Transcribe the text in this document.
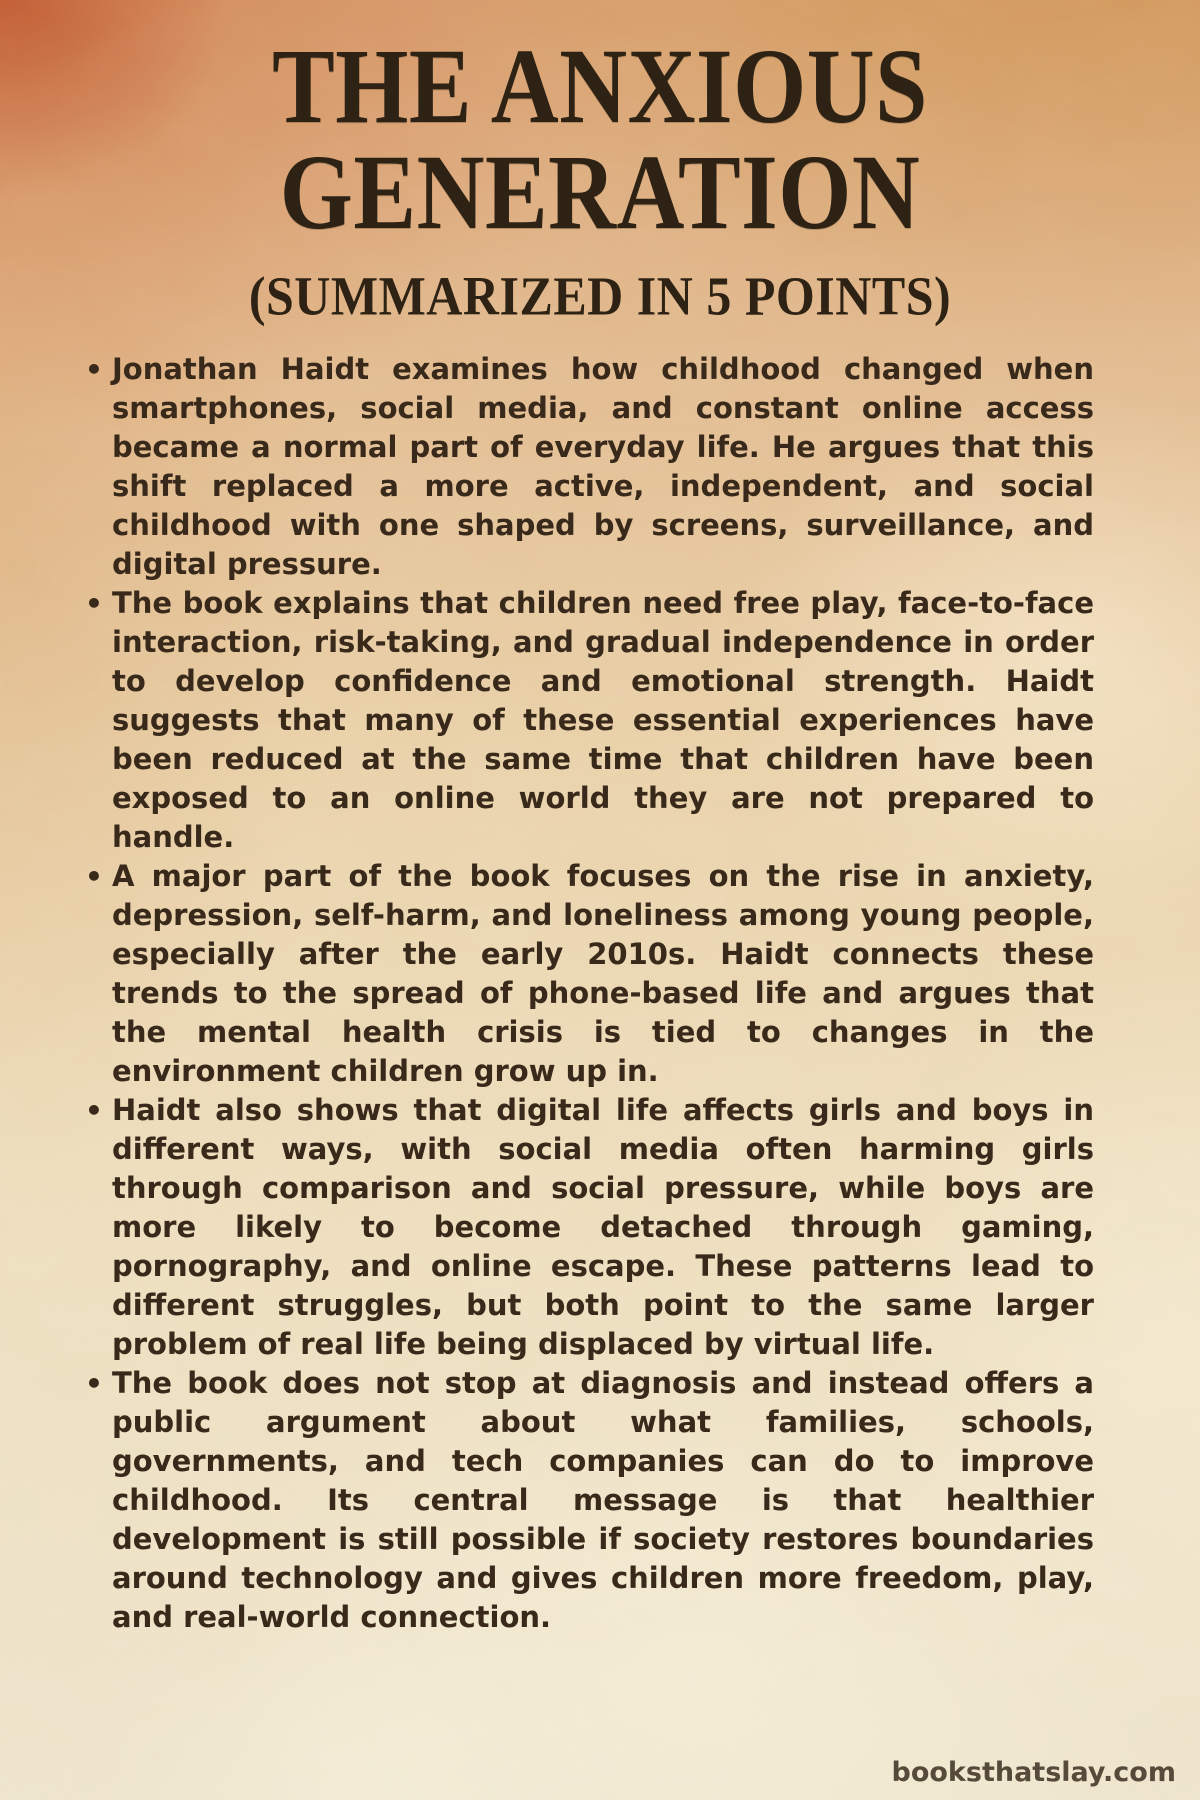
THE ANXIOUS GENERATION
(SUMMARIZED IN 5 POINTS)
• Jonathan Haidt examines how childhood changed when smartphones, social media, and constant online access became a normal part of everyday life. He argues that this shift replaced a more active, independent, and social childhood with one shaped by screens, surveillance, and digital pressure.
• The book explains that children need free play, face-to-face interaction, risk-taking, and gradual independence in order to develop confidence and emotional strength. Haidt suggests that many of these essential experiences have been reduced at the same time that children have been exposed to an online world they are not prepared to handle.
• A major part of the book focuses on the rise in anxiety, depression, self-harm, and loneliness among young people, especially after the early 2010s. Haidt connects these trends to the spread of phone-based life and argues that the mental health crisis is tied to changes in the environment children grow up in.
• Haidt also shows that digital life affects girls and boys in different ways, with social media often harming girls through comparison and social pressure, while boys are more likely to become detached through gaming, pornography, and online escape. These patterns lead to different struggles, but both point to the same larger problem of real life being displaced by virtual life.
• The book does not stop at diagnosis and instead offers a public argument about what families, schools, governments, and tech companies can do to improve childhood. Its central message is that healthier development is still possible if society restores boundaries around technology and gives children more freedom, play, and real-world connection.
booksthatslay.com
